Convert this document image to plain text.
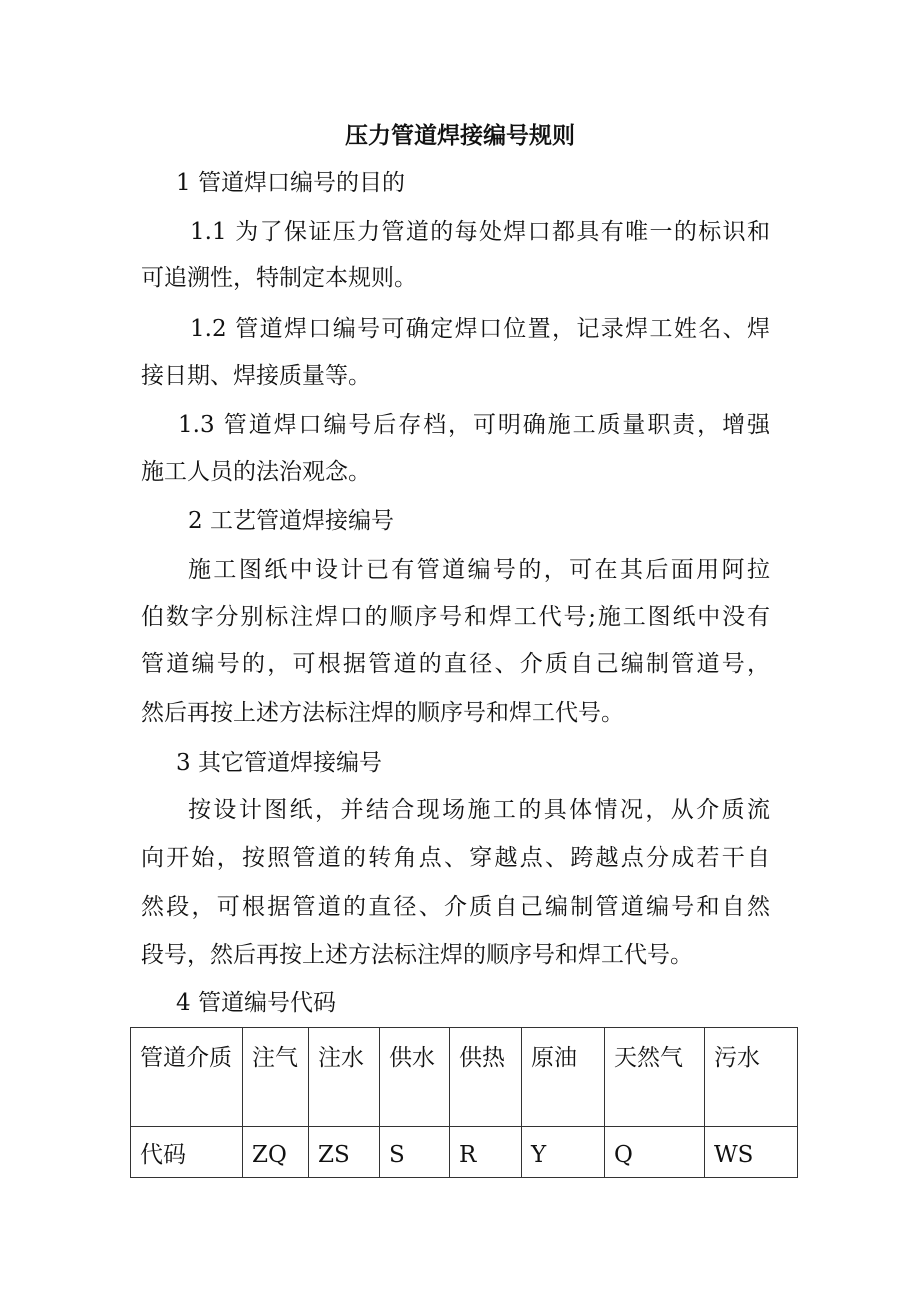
压力管道焊接编号规则
1 管道焊口编号的目的
1.1 为了保证压力管道的每处焊口都具有唯一的标识和
可追溯性，特制定本规则。
1.2 管道焊口编号可确定焊口位置，记录焊工姓名、焊
接日期、焊接质量等。
1.3 管道焊口编号后存档，可明确施工质量职责，增强
施工人员的法治观念。
2 工艺管道焊接编号
施工图纸中设计已有管道编号的，可在其后面用阿拉
伯数字分别标注焊口的顺序号和焊工代号;施工图纸中没有
管道编号的，可根据管道的直径、介质自己编制管道号，
然后再按上述方法标注焊的顺序号和焊工代号。
3 其它管道焊接编号
按设计图纸，并结合现场施工的具体情况，从介质流
向开始，按照管道的转角点、穿越点、跨越点分成若干自
然段，可根据管道的直径、介质自己编制管道编号和自然
段号，然后再按上述方法标注焊的顺序号和焊工代号。
4 管道编号代码
管道介质	注气	注水	供水	供热	原油	天然气	污水
代码	ZQ	ZS	S	R	Y	Q	WS
